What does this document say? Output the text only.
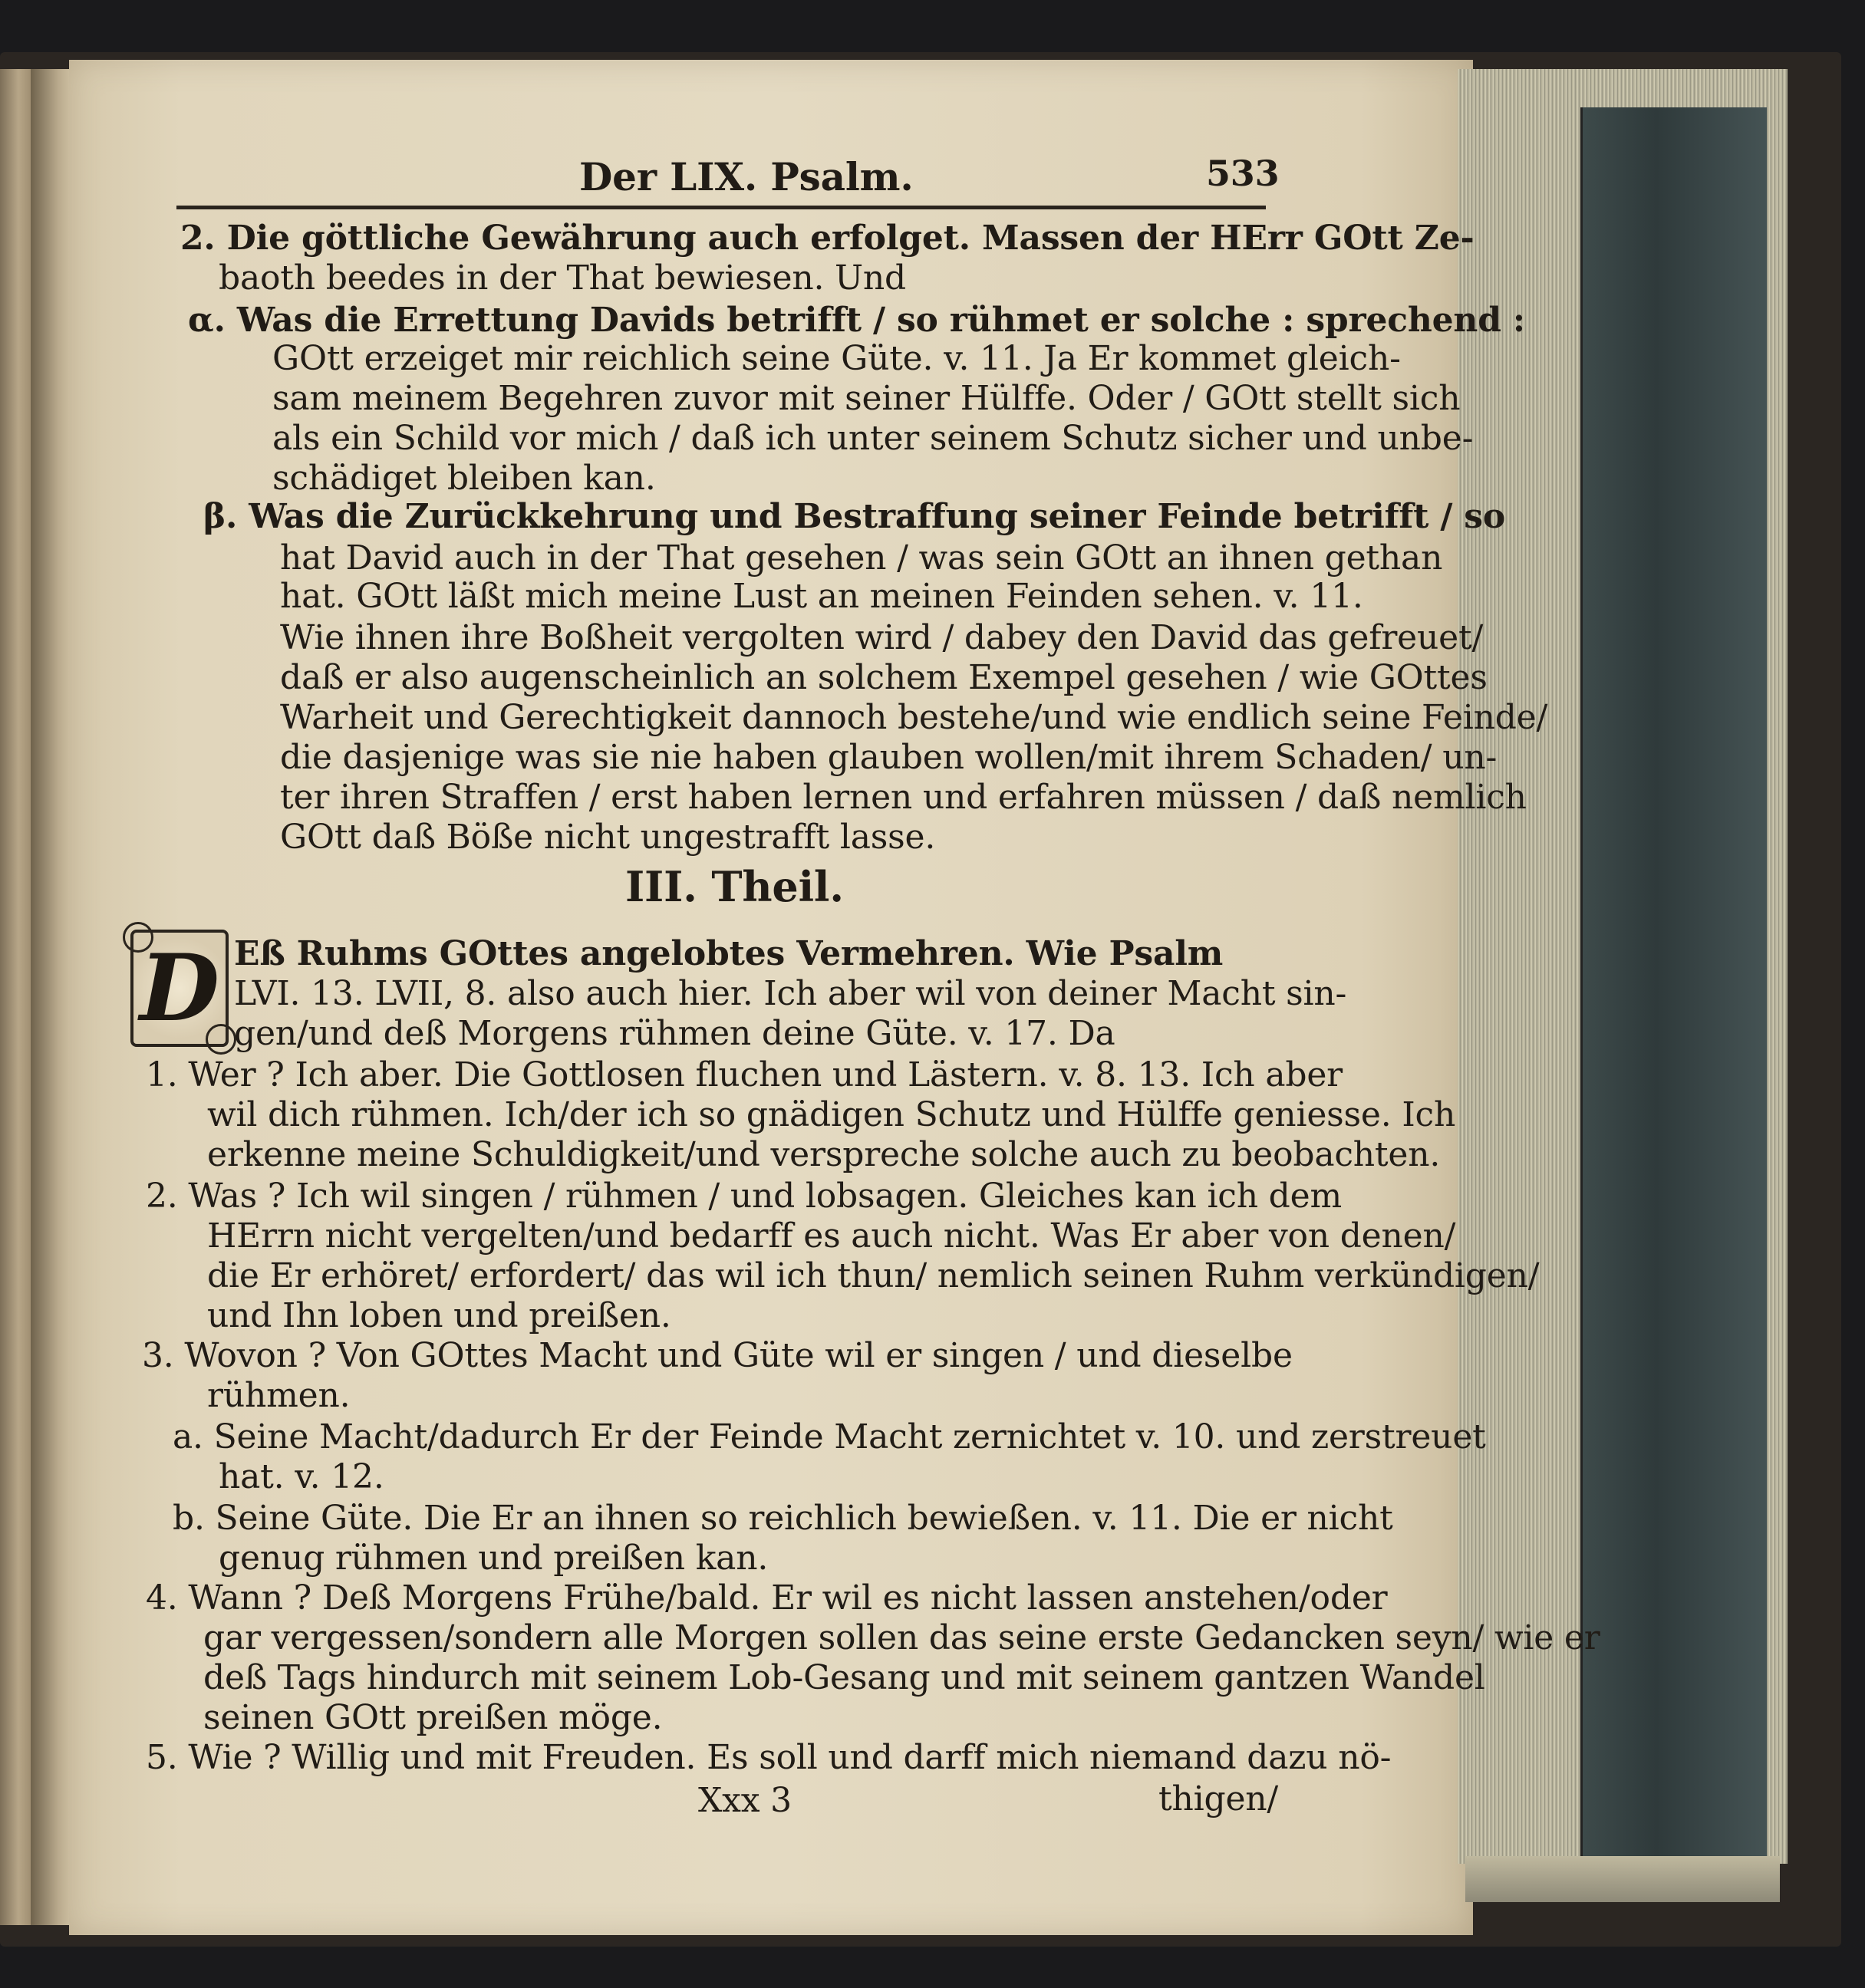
Der LIX. Psalm.	533
2. Die göttliche Gewährung auch erfolget. Massen der HErr GOtt Ze-
baoth beedes in der That bewiesen. Und
α. Was die Errettung Davids betrifft / so rühmet er solche : sprechend :
GOtt erzeiget mir reichlich seine Güte. v. 11. Ja Er kommet gleich-
sam meinem Begehren zuvor mit seiner Hülffe. Oder / GOtt stellt sich
als ein Schild vor mich / daß ich unter seinem Schutz sicher und unbe-
schädiget bleiben kan.
β. Was die Zurückkehrung und Bestraffung seiner Feinde betrifft / so
hat David auch in der That gesehen / was sein GOtt an ihnen gethan
hat. GOtt läßt mich meine Lust an meinen Feinden sehen. v. 11.
Wie ihnen ihre Boßheit vergolten wird / dabey den David das gefreuet/
daß er also augenscheinlich an solchem Exempel gesehen / wie GOttes
Warheit und Gerechtigkeit dannoch bestehe/und wie endlich seine Feinde/
die dasjenige was sie nie haben glauben wollen/mit ihrem Schaden/ un-
ter ihren Straffen / erst haben lernen und erfahren müssen / daß nemlich
GOtt daß Böße nicht ungestrafft lasse.
III. Theil.
D Eß Ruhms GOttes angelobtes Vermehren. Wie Psalm
LVI. 13. LVII, 8. also auch hier. Ich aber wil von deiner Macht sin-
gen/und deß Morgens rühmen deine Güte. v. 17. Da
1. Wer ? Ich aber. Die Gottlosen fluchen und Lästern. v. 8. 13. Ich aber
wil dich rühmen. Ich/der ich so gnädigen Schutz und Hülffe geniesse. Ich
erkenne meine Schuldigkeit/und verspreche solche auch zu beobachten.
2. Was ? Ich wil singen / rühmen / und lobsagen. Gleiches kan ich dem
HErrn nicht vergelten/und bedarff es auch nicht. Was Er aber von denen/
die Er erhöret/ erfordert/ das wil ich thun/ nemlich seinen Ruhm verkündigen/
und Ihn loben und preißen.
3. Wovon ? Von GOttes Macht und Güte wil er singen / und dieselbe
rühmen.
a. Seine Macht/dadurch Er der Feinde Macht zernichtet v. 10. und zerstreuet
hat. v. 12.
b. Seine Güte. Die Er an ihnen so reichlich bewießen. v. 11. Die er nicht
genug rühmen und preißen kan.
4. Wann ? Deß Morgens Frühe/bald. Er wil es nicht lassen anstehen/oder
gar vergessen/sondern alle Morgen sollen das seine erste Gedancken seyn/ wie er
deß Tags hindurch mit seinem Lob-Gesang und mit seinem gantzen Wandel
seinen GOtt preißen möge.
5. Wie ? Willig und mit Freuden. Es soll und darff mich niemand dazu nö-
Xxx 3	thigen/
